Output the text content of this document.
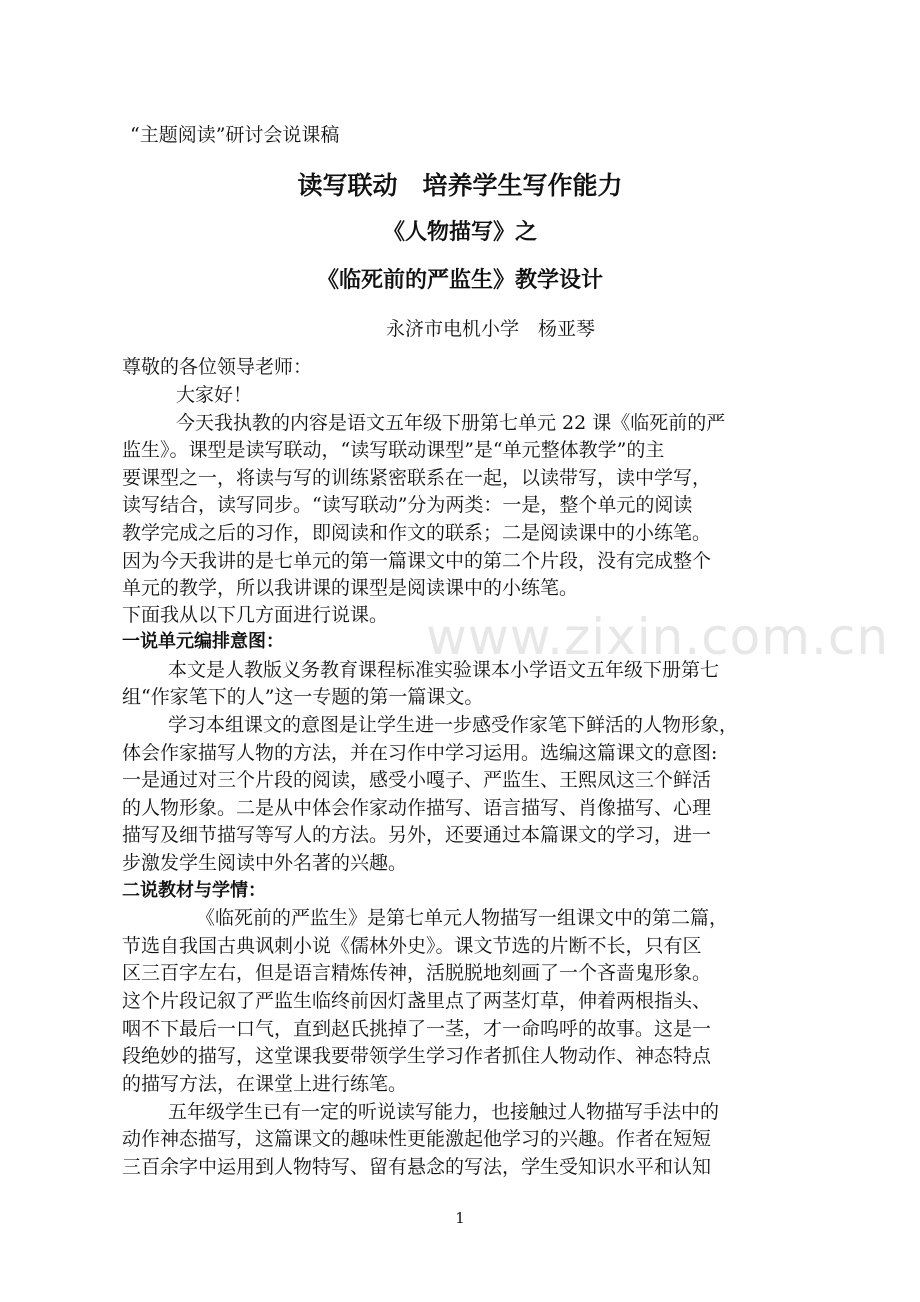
“主题阅读”研讨会说课稿
读写联动　培养学生写作能力
《人物描写》之
《临死前的严监生》教学设计
永济市电机小学　杨亚琴
尊敬的各位领导老师：
大家好！
今天我执教的内容是语文五年级下册第七单元 22 课《临死前的严
监生》。课型是读写联动，“读写联动课型”是“单元整体教学”的主
要课型之一，将读与写的训练紧密联系在一起，以读带写，读中学写，
读写结合，读写同步。“读写联动”分为两类：一是，整个单元的阅读
教学完成之后的习作，即阅读和作文的联系；二是阅读课中的小练笔。
因为今天我讲的是七单元的第一篇课文中的第二个片段，没有完成整个
单元的教学，所以我讲课的课型是阅读课中的小练笔。
下面我从以下几方面进行说课。
一说单元编排意图：
本文是人教版义务教育课程标准实验课本小学语文五年级下册第七
组“作家笔下的人”这一专题的第一篇课文。
学习本组课文的意图是让学生进一步感受作家笔下鲜活的人物形象，
体会作家描写人物的方法，并在习作中学习运用。选编这篇课文的意图:
一是通过对三个片段的阅读，感受小嘎子、严监生、王熙凤这三个鲜活
的人物形象。二是从中体会作家动作描写、语言描写、肖像描写、心理
描写及细节描写等写人的方法。另外，还要通过本篇课文的学习，进一
步激发学生阅读中外名著的兴趣。
二说教材与学情：
《临死前的严监生》是第七单元人物描写一组课文中的第二篇，
节选自我国古典讽刺小说《儒林外史》。课文节选的片断不长，只有区
区三百字左右，但是语言精炼传神，活脱脱地刻画了一个吝啬鬼形象。
这个片段记叙了严监生临终前因灯盏里点了两茎灯草，伸着两根指头、
咽不下最后一口气，直到赵氏挑掉了一茎，才一命呜呼的故事。这是一
段绝妙的描写，这堂课我要带领学生学习作者抓住人物动作、神态特点
的描写方法，在课堂上进行练笔。
五年级学生已有一定的听说读写能力，也接触过人物描写手法中的
动作神态描写，这篇课文的趣味性更能激起他学习的兴趣。作者在短短
三百余字中运用到人物特写、留有悬念的写法，学生受知识水平和认知
www.zixin.com.cn
1
